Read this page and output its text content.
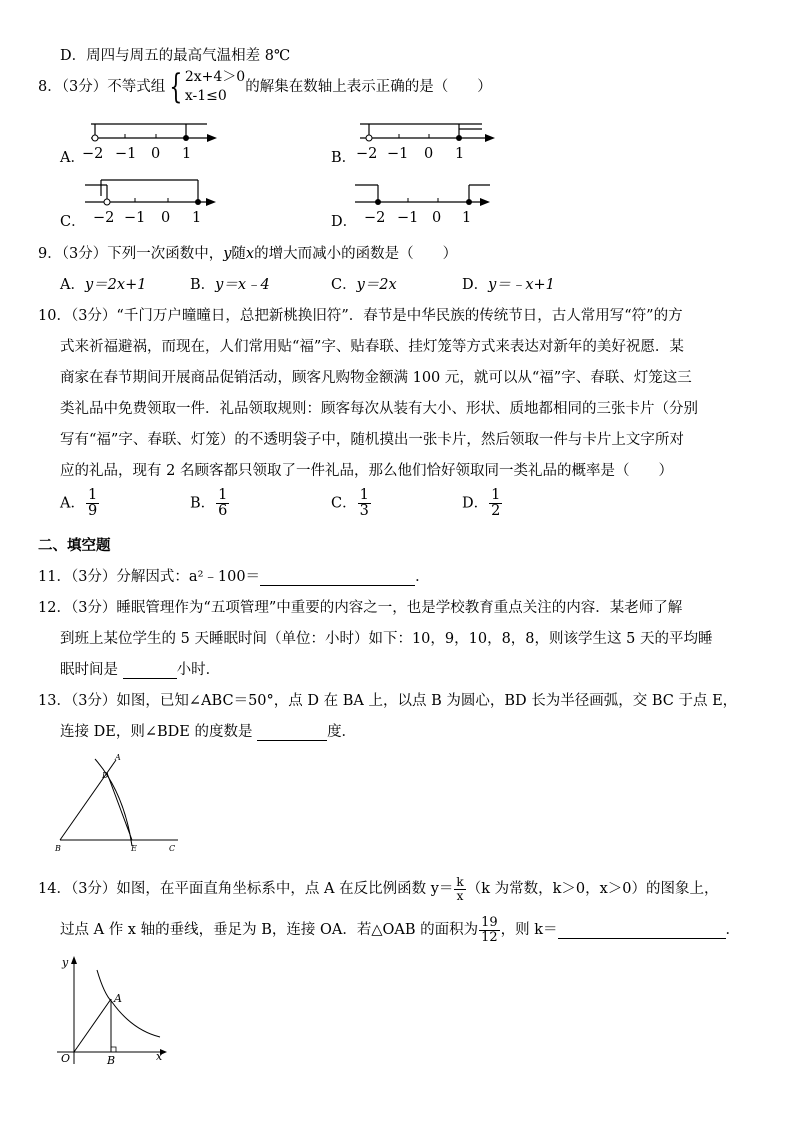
D．周四与周五的最高气温相差 8℃
8．（3分）不等式组 { 2x+4＞0
x-1≤0
的解集在数轴上表示正确的是（　　）
A．
−2 −1 0 1	B． −2 −1 0 1
C． −2 −1 0 1	D． −2 −1 0 1
9．（3分）下列一次函数中，y随x的增大而减小的函数是（　　）
A．y＝2x+1	B．y＝x﹣4	C．y＝2x	D．y＝﹣x+1
10．（3分）“千门万户曈曈日，总把新桃换旧符”．春节是中华民族的传统节日，古人常用写“符”的方
式来祈福避祸，而现在，人们常用贴“福”字、贴春联、挂灯笼等方式来表达对新年的美好祝愿．某
商家在春节期间开展商品促销活动，顾客凡购物金额满 100 元，就可以从“福”字、春联、灯笼这三
类礼品中免费领取一件．礼品领取规则：顾客每次从装有大小、形状、质地都相同的三张卡片（分别
写有“福”字、春联、灯笼）的不透明袋子中，随机摸出一张卡片，然后领取一件与卡片上文字所对
应的礼品，现有 2 名顾客都只领取了一件礼品，那么他们恰好领取同一类礼品的概率是（　　）
A． $\frac{1}{9}$	B． $\frac{1}{6}$	C． $\frac{1}{3}$	D． $\frac{1}{2}$
二、填空题
11．（3分）分解因式：a²﹣100＝	．
12．（3分）睡眠管理作为“五项管理”中重要的内容之一，也是学校教育重点关注的内容．某老师了解
到班上某位学生的 5 天睡眠时间（单位：小时）如下：10，9，10，8，8，则该学生这 5 天的平均睡
眠时间是	小时．
13．（3分）如图，已知∠ABC＝50°，点 D 在 BA 上，以点 B 为圆心，BD 长为半径画弧，交 BC 于点 E，
连接 DE，则∠BDE 的度数是	度．
A
D
B	E	C
14．（3分）如图，在平面直角坐标系中，点 A 在反比例函数 $y= \frac{k}{x} (k$ 为常数，k＞0，x＞0）的图象上，
过点 A 作 x 轴的垂线，垂足为 B，连接 OA．若△OAB 的面积为 $\frac{19}{12}$ ，则 k＝	．
y
x
O
A
B
